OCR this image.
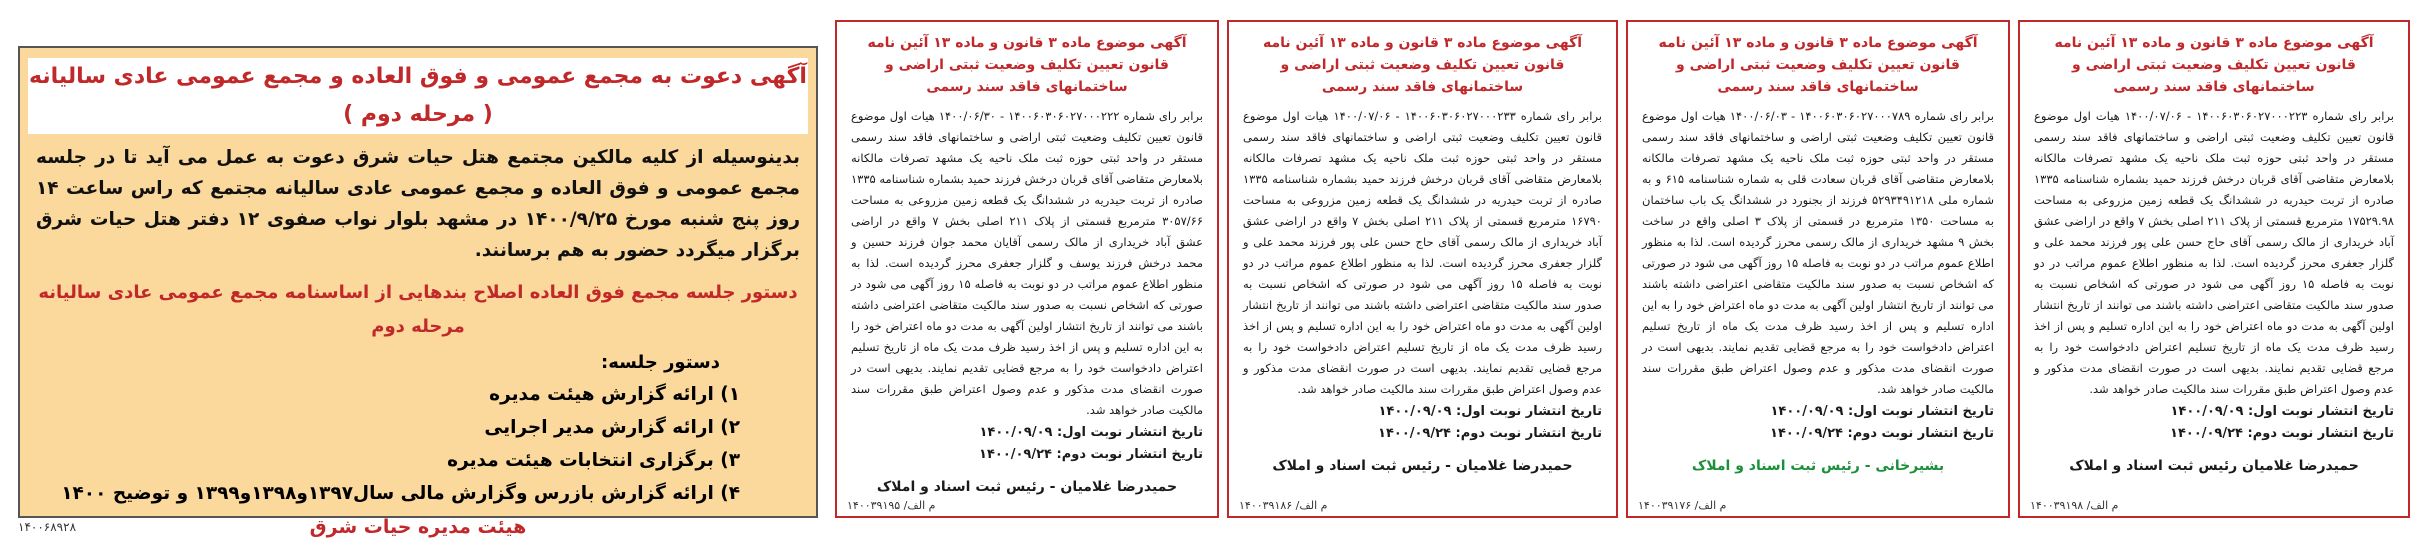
آگهی موضوع ماده ۳ قانون و ماده ۱۳ آئین نامه قانون تعیین تکلیف وضعیت ثبتی اراضی و ساختمانهای فاقد سند رسمی
برابر رای شماره ۱۴۰۰۶۰۳۰۶۰۲۷۰۰۰۲۲۳ - ۱۴۰۰/۰۷/۰۶ هیات اول موضوع قانون تعیین تکلیف وضعیت ثبتی اراضی و ساختمانهای فاقد سند رسمی مستقر در واحد ثبتی حوزه ثبت ملک ناحیه یک مشهد تصرفات مالکانه بلامعارض متقاضی آقای قربان درخش فرزند حمید بشماره شناسنامه ۱۳۳۵ صادره از تربت حیدریه در ششدانگ یک قطعه زمین مزروعی به مساحت ۱۷۵۲۹.۹۸ مترمربع قسمتی از پلاک ۲۱۱ اصلی بخش ۷ واقع در اراضی عشق آباد خریداری از مالک رسمی آقای حاج حسن علی پور فرزند محمد علی و گلزار جعفری محرز گردیده است. لذا به منظور اطلاع عموم مراتب در دو نوبت به فاصله ۱۵ روز آگهی می شود در صورتی که اشخاص نسبت به صدور سند مالکیت متقاضی اعتراضی داشته باشند می توانند از تاریخ انتشار اولین آگهی به مدت دو ماه اعتراض خود را به این اداره تسلیم و پس از اخذ رسید ظرف مدت یک ماه از تاریخ تسلیم اعتراض دادخواست خود را به مرجع قضایی تقدیم نمایند. بدیهی است در صورت انقضای مدت مذکور و عدم وصول اعتراض طبق مقررات سند مالکیت صادر خواهد شد.
تاریخ انتشار نوبت اول: ۱۴۰۰/۰۹/۰۹
تاریخ انتشار نوبت دوم: ۱۴۰۰/۰۹/۲۴
حمیدرضا غلامیان رئیس ثبت اسناد و املاک
۱۴۰۰۳۹۱۹۸ /م الف
آگهی موضوع ماده ۳ قانون و ماده ۱۳ آئین نامه قانون تعیین تکلیف وضعیت ثبتی اراضی و ساختمانهای فاقد سند رسمی
برابر رای شماره ۱۴۰۰۶۰۳۰۶۰۲۷۰۰۰۷۸۹ - ۱۴۰۰/۰۶/۰۳ هیات اول موضوع قانون تعیین تکلیف وضعیت ثبتی اراضی و ساختمانهای فاقد سند رسمی مستقر در واحد ثبتی حوزه ثبت ملک ناحیه یک مشهد تصرفات مالکانه بلامعارض متقاضی آقای قربان سعادت قلی به شماره شناسنامه ۶۱۵ و به شماره ملی ۵۲۹۳۴۹۱۲۱۸ فرزند از بجنورد در ششدانگ یک باب ساختمان به مساحت ۱۳۵۰ مترمربع در قسمتی از پلاک ۳ اصلی واقع در ساخت بخش ۹ مشهد خریداری از مالک رسمی محرز گردیده است. لذا به منظور اطلاع عموم مراتب در دو نوبت به فاصله ۱۵ روز آگهی می شود در صورتی که اشخاص نسبت به صدور سند مالکیت متقاضی اعتراضی داشته باشند می توانند از تاریخ انتشار اولین آگهی به مدت دو ماه اعتراض خود را به این اداره تسلیم و پس از اخذ رسید ظرف مدت یک ماه از تاریخ تسلیم اعتراض دادخواست خود را به مرجع قضایی تقدیم نمایند. بدیهی است در صورت انقضای مدت مذکور و عدم وصول اعتراض طبق مقررات سند مالکیت صادر خواهد شد.
تاریخ انتشار نوبت اول: ۱۴۰۰/۰۹/۰۹
تاریخ انتشار نوبت دوم: ۱۴۰۰/۰۹/۲۴
بشیرخانی - رئیس ثبت اسناد و املاک
۱۴۰۰۳۹۱۷۶ /م الف
آگهی موضوع ماده ۳ قانون و ماده ۱۳ آئین نامه قانون تعیین تکلیف وضعیت ثبتی اراضی و ساختمانهای فاقد سند رسمی
برابر رای شماره ۱۴۰۰۶۰۳۰۶۰۲۷۰۰۰۲۳۳ - ۱۴۰۰/۰۷/۰۶ هیات اول موضوع قانون تعیین تکلیف وضعیت ثبتی اراضی و ساختمانهای فاقد سند رسمی مستقر در واحد ثبتی حوزه ثبت ملک ناحیه یک مشهد تصرفات مالکانه بلامعارض متقاضی آقای قربان درخش فرزند حمید بشماره شناسنامه ۱۳۳۵ صادره از تربت حیدریه در ششدانگ یک قطعه زمین مزروعی به مساحت ۱۶۷۹۰ مترمربع قسمتی از پلاک ۲۱۱ اصلی بخش ۷ واقع در اراضی عشق آباد خریداری از مالک رسمی آقای حاج حسن علی پور فرزند محمد علی و گلزار جعفری محرز گردیده است. لذا به منظور اطلاع عموم مراتب در دو نوبت به فاصله ۱۵ روز آگهی می شود در صورتی که اشخاص نسبت به صدور سند مالکیت متقاضی اعتراضی داشته باشند می توانند از تاریخ انتشار اولین آگهی به مدت دو ماه اعتراض خود را به این اداره تسلیم و پس از اخذ رسید ظرف مدت یک ماه از تاریخ تسلیم اعتراض دادخواست خود را به مرجع قضایی تقدیم نمایند. بدیهی است در صورت انقضای مدت مذکور و عدم وصول اعتراض طبق مقررات سند مالکیت صادر خواهد شد.
تاریخ انتشار نوبت اول: ۱۴۰۰/۰۹/۰۹
تاریخ انتشار نوبت دوم: ۱۴۰۰/۰۹/۲۴
حمیدرضا غلامیان - رئیس ثبت اسناد و املاک
۱۴۰۰۳۹۱۸۶ /م الف
آگهی موضوع ماده ۳ قانون و ماده ۱۳ آئین نامه قانون تعیین تکلیف وضعیت ثبتی اراضی و ساختمانهای فاقد سند رسمی
برابر رای شماره ۱۴۰۰۶۰۳۰۶۰۲۷۰۰۰۲۲۲ - ۱۴۰۰/۰۶/۳۰ هیات اول موضوع قانون تعیین تکلیف وضعیت ثبتی اراضی و ساختمانهای فاقد سند رسمی مستقر در واحد ثبتی حوزه ثبت ملک ناحیه یک مشهد تصرفات مالکانه بلامعارض متقاضی آقای قربان درخش فرزند حمید بشماره شناسنامه ۱۳۳۵ صادره از تربت حیدریه در ششدانگ یک قطعه زمین مزروعی به مساحت ۳۰۵۷/۶۶ مترمربع قسمتی از پلاک ۲۱۱ اصلی بخش ۷ واقع در اراضی عشق آباد خریداری از مالک رسمی آقایان محمد جوان فرزند حسین و محمد درخش فرزند یوسف و گلزار جعفری محرز گردیده است. لذا به منظور اطلاع عموم مراتب در دو نوبت به فاصله ۱۵ روز آگهی می شود در صورتی که اشخاص نسبت به صدور سند مالکیت متقاضی اعتراضی داشته باشند می توانند از تاریخ انتشار اولین آگهی به مدت دو ماه اعتراض خود را به این اداره تسلیم و پس از اخذ رسید ظرف مدت یک ماه از تاریخ تسلیم اعتراض دادخواست خود را به مرجع قضایی تقدیم نمایند. بدیهی است در صورت انقضای مدت مذکور و عدم وصول اعتراض طبق مقررات سند مالکیت صادر خواهد شد.
تاریخ انتشار نوبت اول: ۱۴۰۰/۰۹/۰۹
تاریخ انتشار نوبت دوم: ۱۴۰۰/۰۹/۲۴
حمیدرضا غلامیان - رئیس ثبت اسناد و املاک
۱۴۰۰۳۹۱۹۵ /م الف
آگهی دعوت به مجمع عمومی و فوق العاده و مجمع عمومی عادی سالیانه ( مرحله دوم )
بدینوسیله از کلیه مالکین مجتمع هتل حیات شرق دعوت به عمل می آید تا در جلسه مجمع عمومی و فوق العاده و مجمع عمومی عادی سالیانه مجتمع که راس ساعت ۱۴ روز پنج شنبه مورخ ۱۴۰۰/۹/۲۵ در مشهد بلوار نواب صفوی ۱۲ دفتر هتل حیات شرق برگزار میگردد حضور به هم برسانند.
دستور جلسه مجمع فوق العاده اصلاح بندهایی از اساسنامه مجمع عمومی عادی سالیانه مرحله دوم
دستور جلسه:
۱) ارائه گزارش هیئت مدیره
۲) ارائه گزارش مدیر اجرایی
۳) برگزاری انتخابات هیئت مدیره
۴) ارائه گزارش بازرس وگزارش مالی سال۱۳۹۷و۱۳۹۸و۱۳۹۹ و توضیح ۱۴۰۰
هیئت مدیره حیات شرق
۱۴۰۰۶۸۹۲۸
